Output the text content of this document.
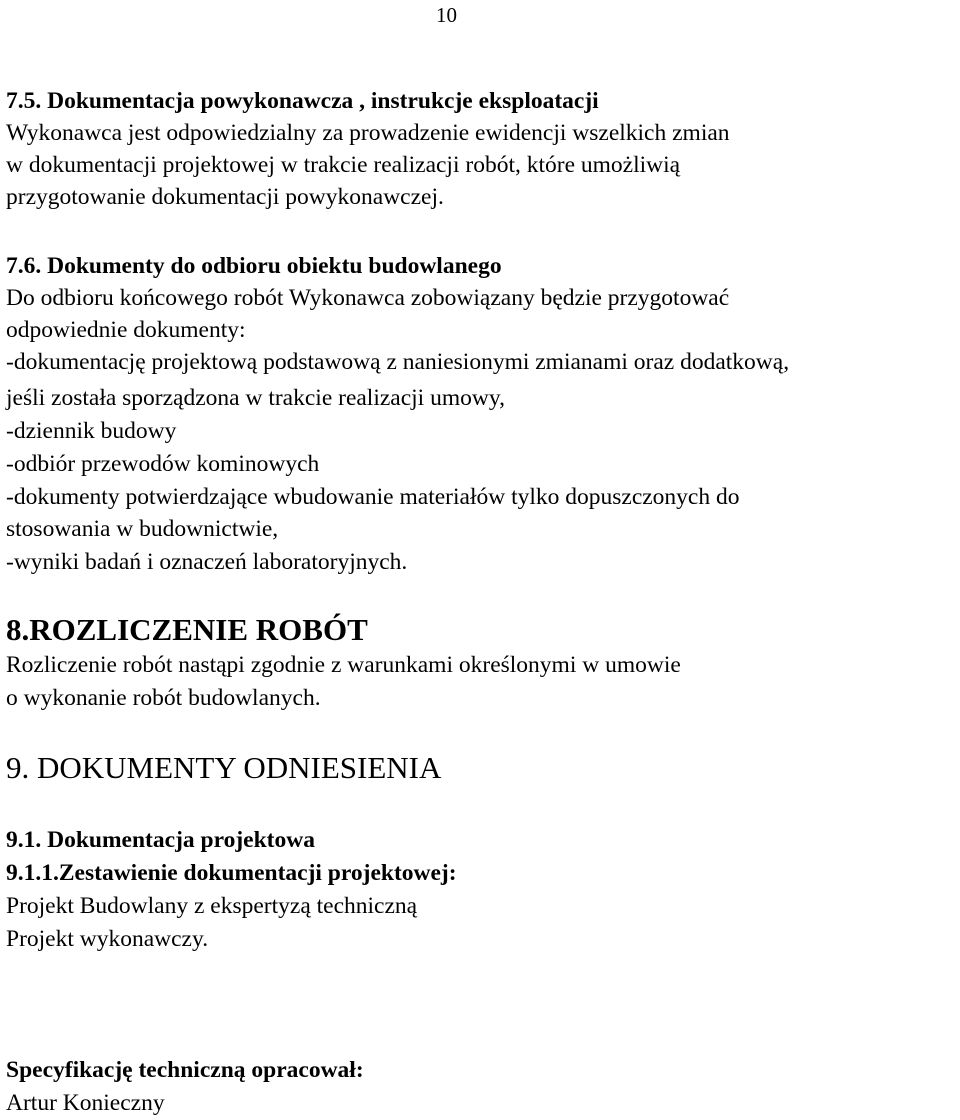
10
7.5. Dokumentacja powykonawcza , instrukcje eksploatacji
Wykonawca jest odpowiedzialny za prowadzenie ewidencji wszelkich zmian
w dokumentacji projektowej w trakcie realizacji robót, które umożliwią
przygotowanie dokumentacji powykonawczej.
7.6. Dokumenty do odbioru obiektu budowlanego
Do odbioru końcowego robót Wykonawca zobowiązany będzie przygotować
odpowiednie dokumenty:
-dokumentację projektową podstawową z naniesionymi zmianami oraz dodatkową,
jeśli została sporządzona w trakcie realizacji umowy,
-dziennik budowy
-odbiór przewodów kominowych
-dokumenty potwierdzające wbudowanie materiałów tylko dopuszczonych do
stosowania w budownictwie,
-wyniki badań i oznaczeń laboratoryjnych.
8.ROZLICZENIE ROBÓT
Rozliczenie robót nastąpi zgodnie z warunkami określonymi w umowie
o wykonanie robót budowlanych.
9. DOKUMENTY ODNIESIENIA
9.1. Dokumentacja projektowa
9.1.1.Zestawienie dokumentacji projektowej:
Projekt Budowlany z ekspertyzą techniczną
Projekt wykonawczy.
Specyfikację techniczną opracował:
Artur Konieczny
